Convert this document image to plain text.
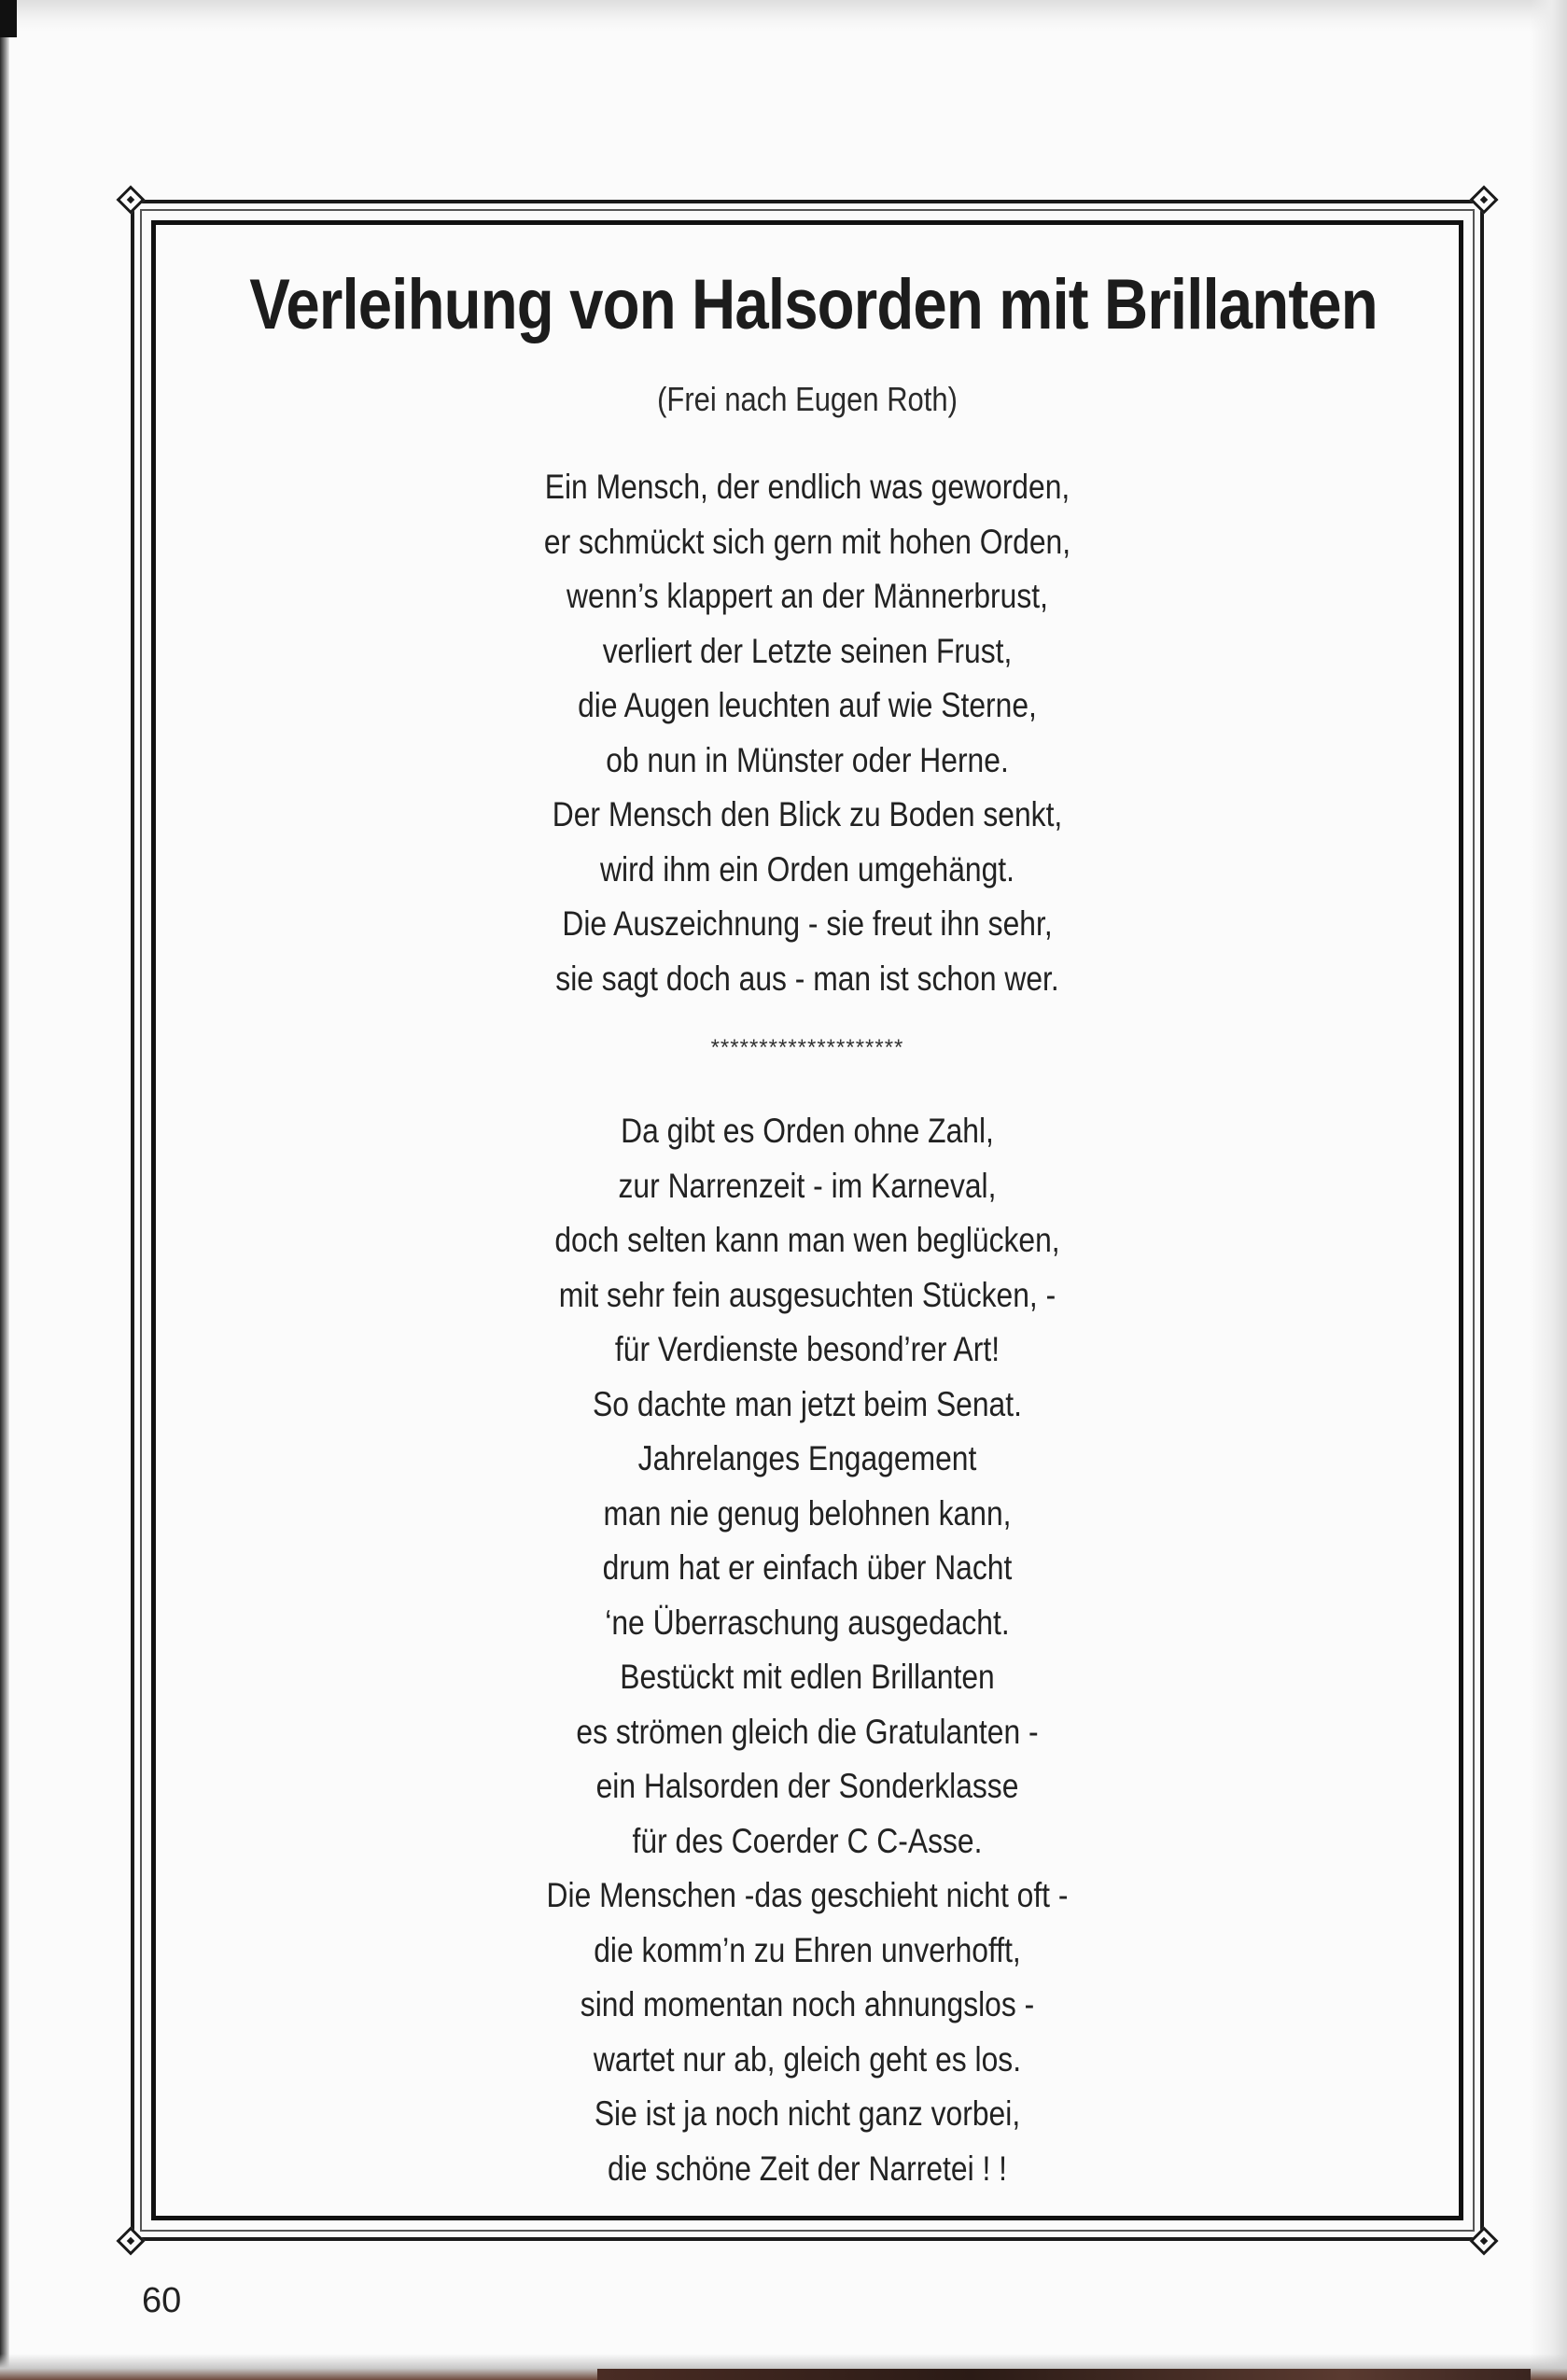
Verleihung von Halsorden mit Brillanten
(Frei nach Eugen Roth)
Ein Mensch, der endlich was geworden,
er schmückt sich gern mit hohen Orden,
wenn’s klappert an der Männerbrust,
verliert der Letzte seinen Frust,
die Augen leuchten auf wie Sterne,
ob nun in Münster oder Herne.
Der Mensch den Blick zu Boden senkt,
wird ihm ein Orden umgehängt.
Die Auszeichnung - sie freut ihn sehr,
sie sagt doch aus - man ist schon wer.
********************
Da gibt es Orden ohne Zahl,
zur Narrenzeit - im Karneval,
doch selten kann man wen beglücken,
mit sehr fein ausgesuchten Stücken, -
für Verdienste besond’rer Art!
So dachte man jetzt beim Senat.
Jahrelanges Engagement
man nie genug belohnen kann,
drum hat er einfach über Nacht
‘ne Überraschung ausgedacht.
Bestückt mit edlen Brillanten
es strömen gleich die Gratulanten -
ein Halsorden der Sonderklasse
für des Coerder C C-Asse.
Die Menschen -das geschieht nicht oft -
die komm’n zu Ehren unverhofft,
sind momentan noch ahnungslos -
wartet nur ab, gleich geht es los.
Sie ist ja noch nicht ganz vorbei,
die schöne Zeit der Narretei ! !
60
